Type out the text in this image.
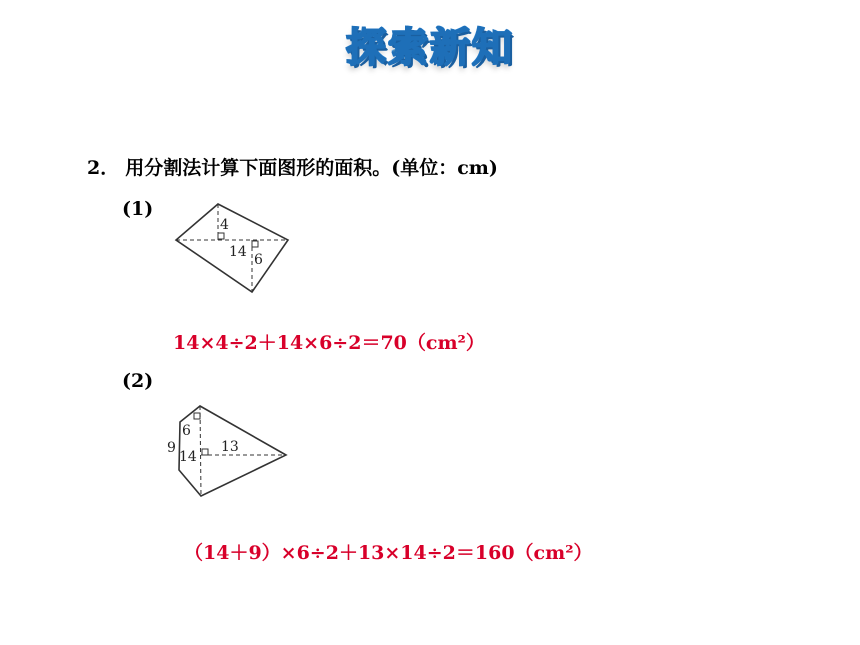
探索新知
2． 用分割法计算下面图形的面积。(单位：cm)
(1)
4
14 6
14×4÷2＋14×6÷2＝70（cm²）
(2)
6
9
14
13
（14＋9）×6÷2＋13×14÷2＝160（cm²）
